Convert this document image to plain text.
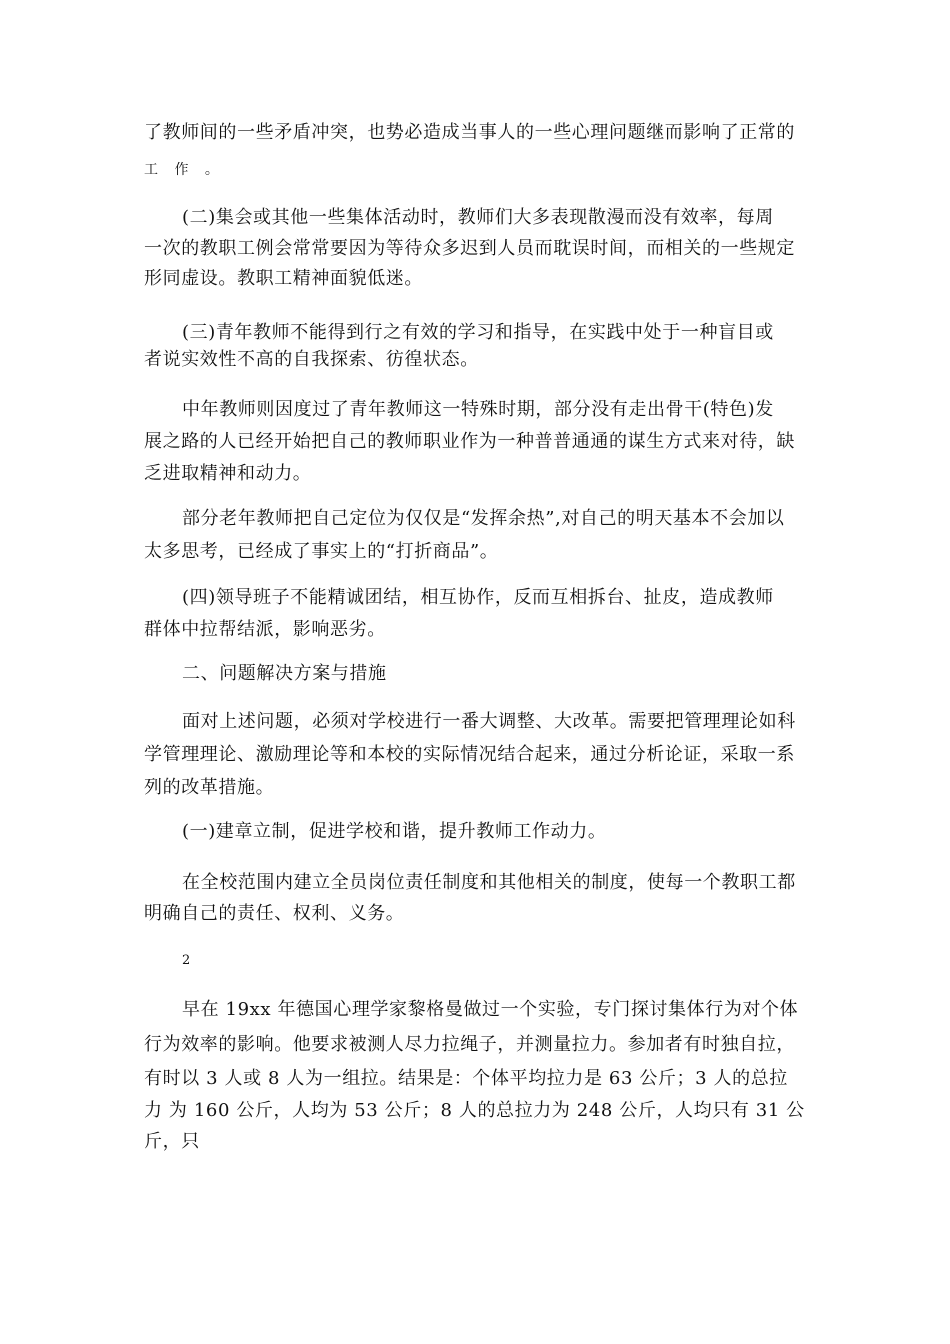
了教师间的一些矛盾冲突，也势必造成当事人的一些心理问题继而影响了正常的
工 作 。
(二)集会或其他一些集体活动时，教师们大多表现散漫而没有效率，每周
一次的教职工例会常常要因为等待众多迟到人员而耽误时间，而相关的一些规定
形同虚设。教职工精神面貌低迷。
(三)青年教师不能得到行之有效的学习和指导，在实践中处于一种盲目或
者说实效性不高的自我探索、彷徨状态。
中年教师则因度过了青年教师这一特殊时期，部分没有走出骨干(特色)发
展之路的人已经开始把自己的教师职业作为一种普普通通的谋生方式来对待，缺
乏进取精神和动力。
部分老年教师把自己定位为仅仅是“发挥余热”,对自己的明天基本不会加以
太多思考，已经成了事实上的“打折商品”。
(四)领导班子不能精诚团结，相互协作，反而互相拆台、扯皮，造成教师
群体中拉帮结派，影响恶劣。
二、问题解决方案与措施
面对上述问题，必须对学校进行一番大调整、大改革。需要把管理理论如科
学管理理论、激励理论等和本校的实际情况结合起来，通过分析论证，采取一系
列的改革措施。
(一)建章立制，促进学校和谐，提升教师工作动力。
在全校范围内建立全员岗位责任制度和其他相关的制度，使每一个教职工都
明确自己的责任、权利、义务。
2
早在 19xx 年德国心理学家黎格曼做过一个实验，专门探讨集体行为对个体
行为效率的影响。他要求被测人尽力拉绳子，并测量拉力。参加者有时独自拉，
有时以 3 人或 8 人为一组拉。结果是：个体平均拉力是 63 公斤；3 人的总拉
力 为 160 公斤，人均为 53 公斤；8 人的总拉力为 248 公斤，人均只有 31 公
斤，只
